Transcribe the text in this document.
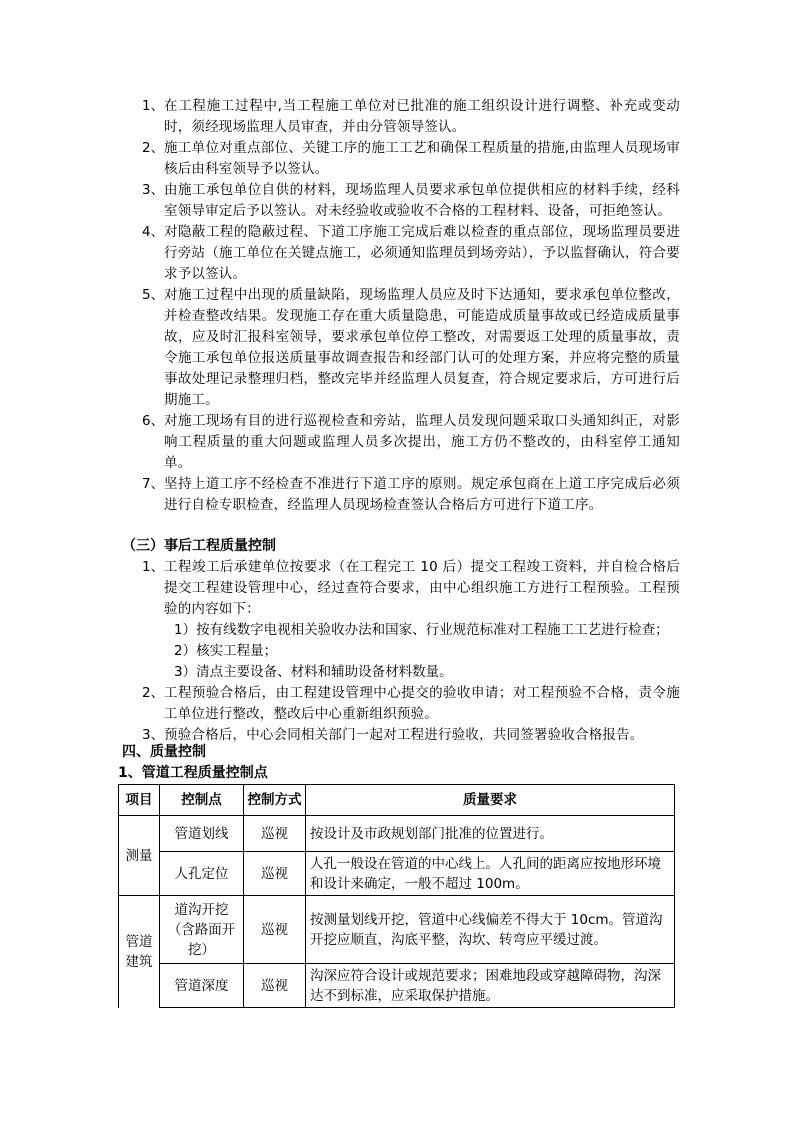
1、 在工程施工过程中,当工程施工单位对已批准的施工组织设计进行调整、补充或变动时，须经现场监理人员审查，并由分管领导签认。
2、 施工单位对重点部位、关键工序的施工工艺和确保工程质量的措施,由监理人员现场审核后由科室领导予以签认。
3、 由施工承包单位自供的材料，现场监理人员要求承包单位提供相应的材料手续，经科室领导审定后予以签认。对未经验收或验收不合格的工程材料、设备，可拒绝签认。
4、 对隐蔽工程的隐蔽过程、下道工序施工完成后难以检查的重点部位，现场监理员要进行旁站（施工单位在关键点施工，必须通知监理员到场旁站），予以监督确认，符合要求予以签认。
5、 对施工过程中出现的质量缺陷，现场监理人员应及时下达通知，要求承包单位整改，并检查整改结果。发现施工存在重大质量隐患，可能造成质量事故或已经造成质量事故，应及时汇报科室领导，要求承包单位停工整改，对需要返工处理的质量事故，责令施工承包单位报送质量事故调查报告和经部门认可的处理方案，并应将完整的质量事故处理记录整理归档，整改完毕并经监理人员复查，符合规定要求后，方可进行后期施工。
6、 对施工现场有目的进行巡视检查和旁站，监理人员发现问题采取口头通知纠正，对影响工程质量的重大问题或监理人员多次提出，施工方仍不整改的，由科室停工通知单。
7、 坚持上道工序不经检查不准进行下道工序的原则。规定承包商在上道工序完成后必须进行自检专职检查，经监理人员现场检查签认合格后方可进行下道工序。
（三）事后工程质量控制
1、 工程竣工后承建单位按要求（在工程完工 10 后）提交工程竣工资料，并自检合格后提交工程建设管理中心，经过查符合要求，由中心组织施工方进行工程预验。工程预验的内容如下：
1）按有线数字电视相关验收办法和国家、行业规范标准对工程施工工艺进行检查；
2）核实工程量；
3）清点主要设备、材料和辅助设备材料数量。
2、 工程预验合格后，由工程建设管理中心提交的验收申请；对工程预验不合格，责令施工单位进行整改，整改后中心重新组织预验。
3、 预验合格后，中心会同相关部门一起对工程进行验收，共同签署验收合格报告。
四、质量控制
1、管道工程质量控制点
项目	控制点	控制方式	质量要求
测量	管道划线	巡视	按设计及市政规划部门批准的位置进行。
	人孔定位	巡视	人孔一般设在管道的中心线上。人孔间的距离应按地形环境和设计来确定，一般不超过 100m。
管道建筑	道沟开挖（含路面开挖）	巡视	按测量划线开挖，管道中心线偏差不得大于 10cm。管道沟开挖应顺直，沟底平整，沟坎、转弯应平缓过渡。
	管道深度	巡视	沟深应符合设计或规范要求；困难地段或穿越障碍物，沟深达不到标准，应采取保护措施。
